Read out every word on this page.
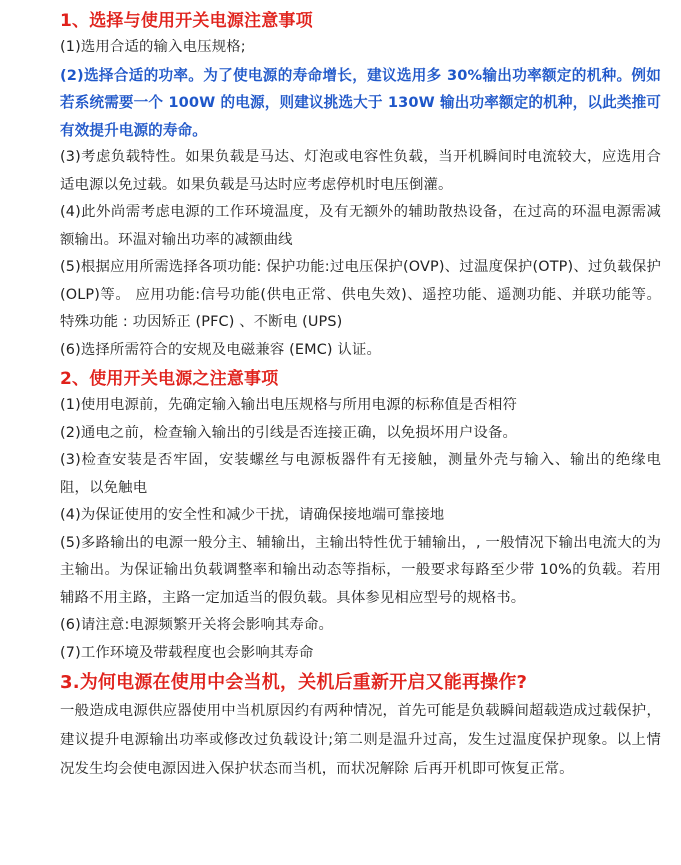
1、选择与使用开关电源注意事项

(1)选用合适的输入电压规格;

(2)选择合适的功率。为了使电源的寿命增长，建议选用多 30%输出功率额定的机种。例如若系统需要一个 100W 的电源，则建议挑选大于 130W 输出功率额定的机种，以此类推可有效提升电源的寿命。

(3)考虑负载特性。如果负载是马达、灯泡或电容性负载，当开机瞬间时电流较大，应选用合适电源以免过载。如果负载是马达时应考虑停机时电压倒灌。

(4)此外尚需考虑电源的工作环境温度，及有无额外的辅助散热设备，在过高的环温电源需减额输出。环温对输出功率的减额曲线

(5)根据应用所需选择各项功能: 保护功能:过电压保护(OVP)、过温度保护(OTP)、过负载保护(OLP)等。 应用功能:信号功能(供电正常、供电失效)、遥控功能、遥测功能、并联功能等。 特殊功能 : 功因矫正 (PFC) 、不断电 (UPS)

(6)选择所需符合的安规及电磁兼容 (EMC) 认证。

2、使用开关电源之注意事项

(1)使用电源前，先确定输入输出电压规格与所用电源的标称值是否相符

(2)通电之前，检查输入输出的引线是否连接正确，以免损坏用户设备。

(3)检查安装是否牢固，安装螺丝与电源板器件有无接触，测量外壳与输入、输出的绝缘电阻，以免触电

(4)为保证使用的安全性和减少干扰，请确保接地端可靠接地

(5)多路输出的电源一般分主、辅输出，主输出特性优于辅输出，, 一般情况下输出电流大的为主输出。为保证输出负载调整率和输出动态等指标，一般要求每路至少带 10%的负载。若用辅路不用主路，主路一定加适当的假负载。具体参见相应型号的规格书。

(6)请注意:电源频繁开关将会影响其寿命。

(7)工作环境及带载程度也会影响其寿命

3.为何电源在使用中会当机，关机后重新开启又能再操作?

一般造成电源供应器使用中当机原因约有两种情况，首先可能是负载瞬间超载造成过载保护，建议提升电源输出功率或修改过负载设计;第二则是温升过高，发生过温度保护现象。以上情况发生均会使电源因进入保护状态而当机，而状况解除 后再开机即可恢复正常。
